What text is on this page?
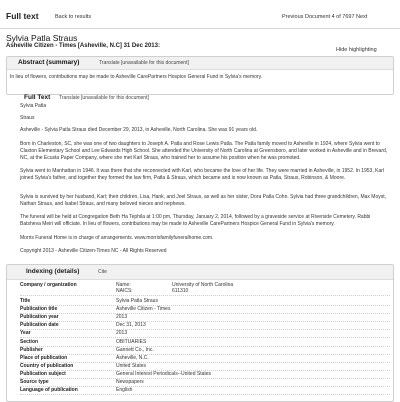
Full text	Back to results	Previous Document 4 of 7697 Next
Sylvia Patla Straus
Asheville Citizen - Times [Asheville, N.C] 31 Dec 2013:
Hide highlighting
Abstract (summary)	Translate [unavailable for this document]
In lieu of flowers, contributions may be made to Asheville CarePartners Hospice General Fund in Sylvia's memory.
Full Text Translate [unavailable for this document]
Sylvia Patla
Straus
Asheville - Sylvia Patla Straus died December 29, 2013, in Asheville, North Carolina. She was 91 years old.
Born in Charleston, SC, she was one of two daughters to Joseph A. Patla and Rose Lewis Patla. The Patla family moved to Asheville in 1924, where Sylvia went to Claxton Elementary School and Lee Edwards High School. She attended the University of North Carolina at Greensboro, and later worked in Asheville and in Brevard, NC, at the Ecusta Paper Company, where she met Karl Straus, who trained her to assume his position when he was promoted.
Sylvia went to Manhattan in 1946. It was there that she reconnected with Karl, who became the love of her life. They were married in Asheville, in 1952. In 1953, Karl joined Sylvia's father, and together they formed the law firm, Patla & Straus, which became and is now known as Patla, Straus, Robinson, & Moore.
Sylvia is survived by her husband, Karl; their children, Lisa, Hank, and Joel Straus, as well as her sister, Dora Patla Cohn. Sylvia had three grandchildren, Max Moyst, Nathan Straus, and Isabel Straus, and many beloved nieces and nephews.
The funeral will be held at Congregation Beth Ha Tephila at 1:00 pm, Thursday, January 2, 2014, followed by a graveside service at Riverside Cemetery. Rabbi Batsheva Meiri will officiate. In lieu of flowers, contributions may be made to Asheville CarePartners Hospice General Fund in Sylvia's memory.
Morris Funeral Home is in charge of arrangements. www.morrisfamilyfuneralhome.com.
Copyright 2013 - Asheville Citizen-Times NC - All Rights Reserved
Indexing (details)	Cite
Company / organization	Name:	University of North Carolina
NAICS:	611310
Title	Sylvia Patla Straus
Publication title	Asheville Citizen - Times
Publication year	2013
Publication date	Dec 31, 2013
Year	2013
Section	OBITUARIES
Publisher	Gannett Co., Inc.
Place of publication	Asheville, N.C.
Country of publication	United States
Publication subject	General Interest Periodicals--United States
Source type	Newspapers
Language of publication	English
